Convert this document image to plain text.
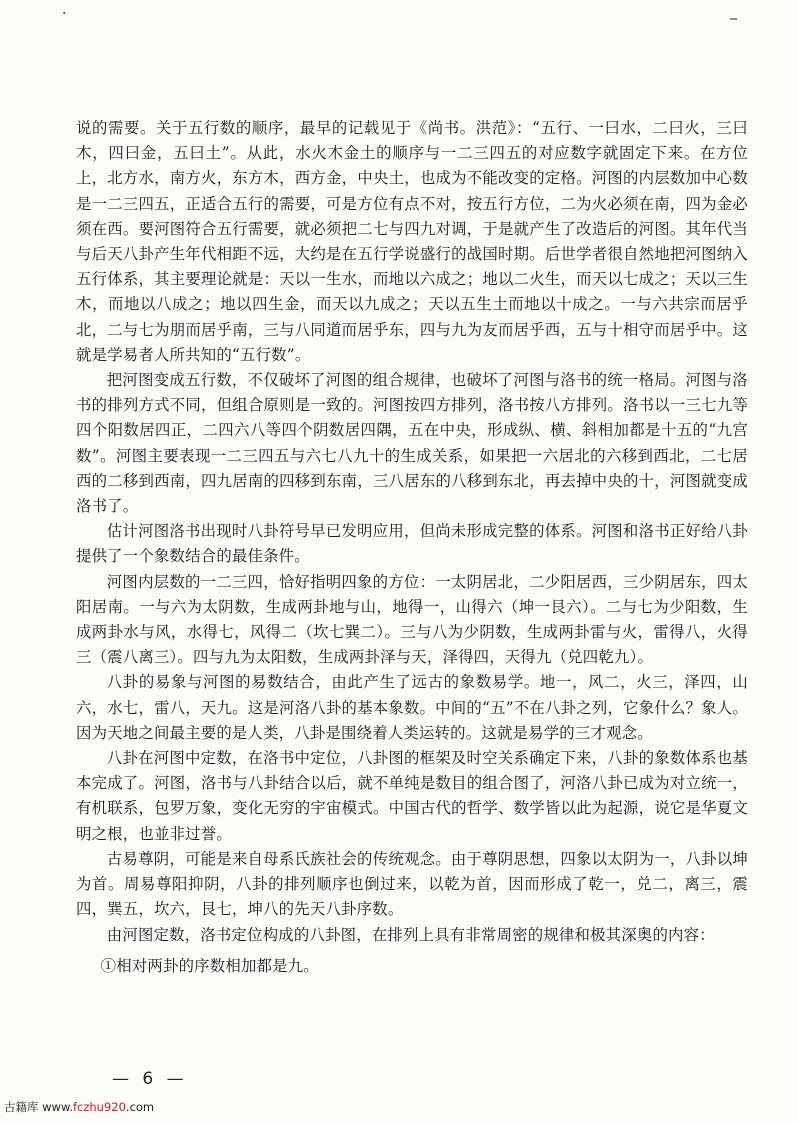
·	_

说的需要。关于五行数的顺序，最早的记载见于《尚书。洪范》：“五行、一曰水，二曰火，三曰木，四曰金，五曰土”。从此，水火木金土的顺序与一二三四五的对应数字就固定下来。在方位上，北方水，南方火，东方木，西方金，中央土，也成为不能改变的定格。河图的内层数加中心数是一二三四五，正适合五行的需要，可是方位有点不对，按五行方位，二为火必须在南，四为金必须在西。要河图符合五行需要，就必须把二七与四九对调，于是就产生了改造后的河图。其年代当与后天八卦产生年代相距不远，大约是在五行学说盛行的战国时期。后世学者很自然地把河图纳入五行体系，其主要理论就是：天以一生水，而地以六成之；地以二火生，而天以七成之；天以三生木，而地以八成之；地以四生金，而天以九成之；天以五生土而地以十成之。一与六共宗而居乎北，二与七为朋而居乎南，三与八同道而居乎东，四与九为友而居乎西，五与十相守而居乎中。这就是学易者人所共知的“五行数”。

把河图变成五行数，不仅破坏了河图的组合规律，也破坏了河图与洛书的统一格局。河图与洛书的排列方式不同，但组合原则是一致的。河图按四方排列，洛书按八方排列。洛书以一三七九等四个阳数居四正，二四六八等四个阴数居四隅，五在中央，形成纵、横、斜相加都是十五的“九宫数”。河图主要表现一二三四五与六七八九十的生成关系，如果把一六居北的六移到西北，二七居西的二移到西南，四九居南的四移到东南，三八居东的八移到东北，再去掉中央的十，河图就变成洛书了。

估计河图洛书出现时八卦符号早已发明应用，但尚未形成完整的体系。河图和洛书正好给八卦提供了一个象数结合的最佳条件。

河图内层数的一二三四，恰好指明四象的方位：一太阴居北，二少阳居西，三少阴居东，四太阳居南。一与六为太阴数，生成两卦地与山，地得一，山得六（坤一艮六）。二与七为少阳数，生成两卦水与风，水得七，风得二（坎七巽二）。三与八为少阴数，生成两卦雷与火，雷得八，火得三（震八离三）。四与九为太阳数，生成两卦泽与天，泽得四，天得九（兑四乾九）。

八卦的易象与河图的易数结合，由此产生了远古的象数易学。地一，风二，火三，泽四，山六，水七，雷八，天九。这是河洛八卦的基本象数。中间的“五”不在八卦之列，它象什么？象人。因为天地之间最主要的是人类，八卦是围绕着人类运转的。这就是易学的三才观念。

八卦在河图中定数，在洛书中定位，八卦图的框架及时空关系确定下来，八卦的象数体系也基本完成了。河图，洛书与八卦结合以后，就不单纯是数目的组合图了，河洛八卦已成为对立统一，有机联系，包罗万象，变化无穷的宇宙模式。中国古代的哲学、数学皆以此为起源，说它是华夏文明之根，也並非过誉。

古易尊阴，可能是来自母系氏族社会的传统观念。由于尊阴思想，四象以太阴为一，八卦以坤为首。周易尊阳抑阴，八卦的排列顺序也倒过来，以乾为首，因而形成了乾一，兑二，离三，震四，巽五，坎六，艮七，坤八的先天八卦序数。

由河图定数，洛书定位构成的八卦图，在排列上具有非常周密的规律和极其深奥的内容：

①相对两卦的序数相加都是九。

— 6 —
古籍库 www.fczhu920.com
